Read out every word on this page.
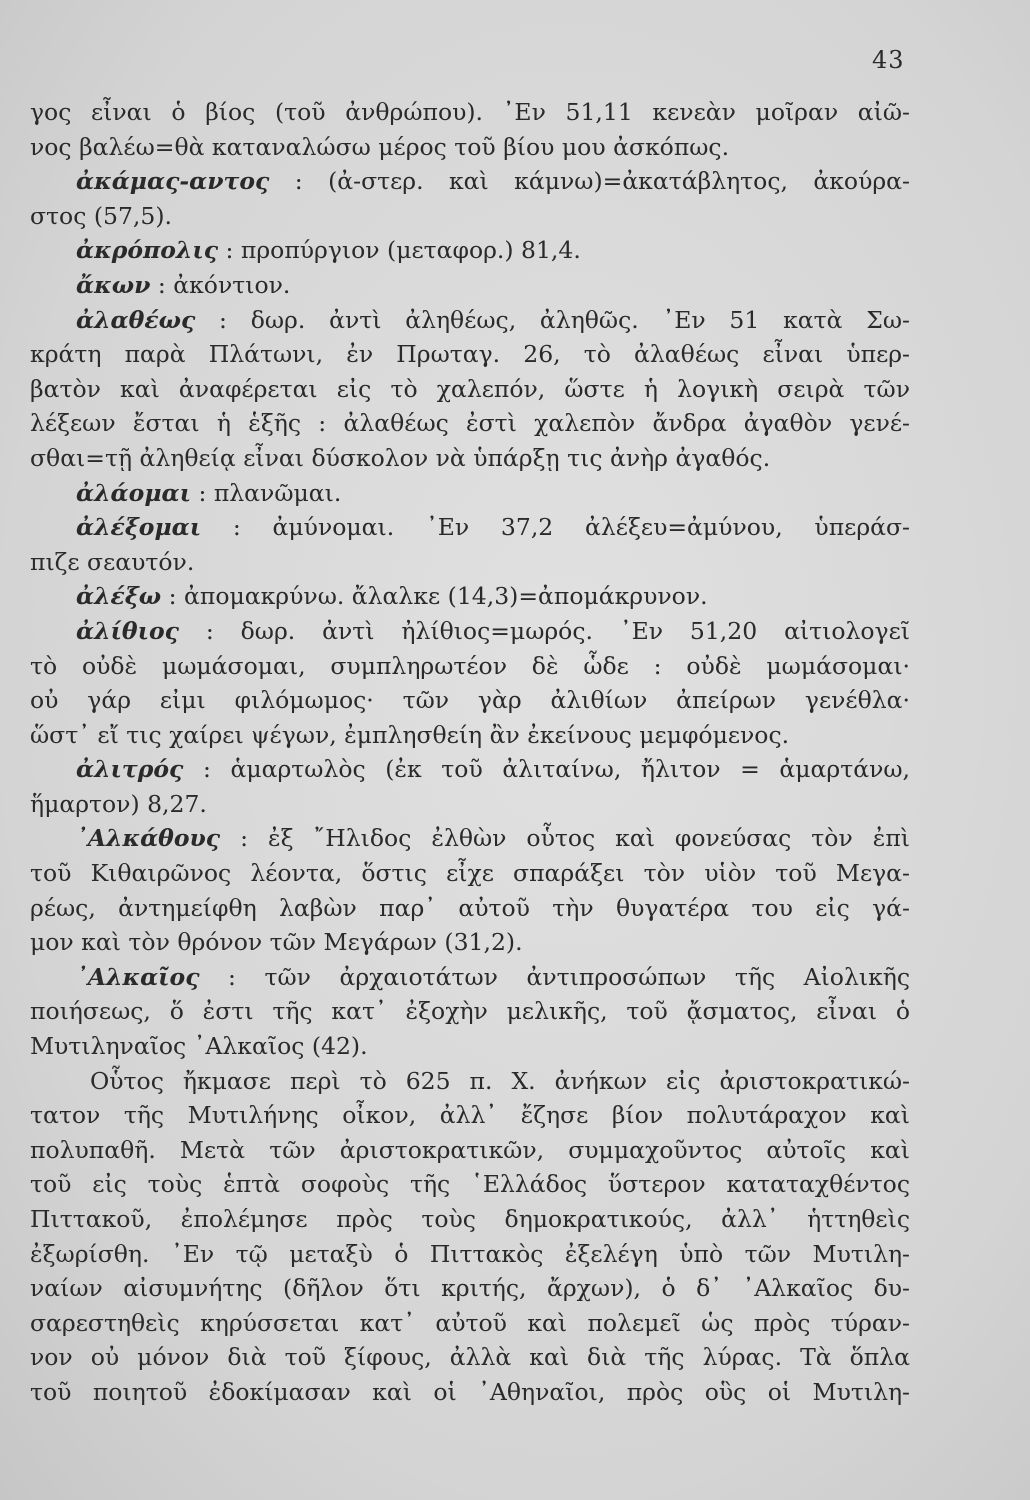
43
γος εἶναι ὁ βίος (τοῦ ἀνθρώπου). ᾽Εν 51,11 κενεὰν μοῖραν αἰῶ-
νος βαλέω=θὰ καταναλώσω μέρος τοῦ βίου μου ἀσκόπως.
ἀκάμας-αντος : (ἀ-στερ. καὶ κάμνω)=ἀκατάβλητος, ἀκούρα-
στος (57,5).
ἀκρόπολις : προπύργιον (μεταφορ.) 81,4.
ἄκων : ἀκόντιον.
ἀλαθέως : δωρ. ἀντὶ ἀληθέως, ἀληθῶς. ᾽Εν 51 κατὰ Σω-
κράτη παρὰ Πλάτωνι, ἐν Πρωταγ. 26, τὸ ἀλαθέως εἶναι ὑπερ-
βατὸν καὶ ἀναφέρεται εἰς τὸ χαλεπόν, ὥστε ἡ λογικὴ σειρὰ τῶν
λέξεων ἔσται ἡ ἑξῆς : ἀλαθέως ἐστὶ χαλεπὸν ἄνδρα ἀγαθὸν γενέ-
σθαι=τῇ ἀληθείᾳ εἶναι δύσκολον νὰ ὑπάρξῃ τις ἀνὴρ ἀγαθός.
ἀλάομαι : πλανῶμαι.
ἀλέξομαι : ἀμύνομαι. ᾽Εν 37,2 ἀλέξευ=ἀμύνου, ὑπεράσ-
πιζε σεαυτόν.
ἀλέξω : ἀπομακρύνω. ἄλαλκε (14,3)=ἀπομάκρυνον.
ἀλίθιος : δωρ. ἀντὶ ἠλίθιος=μωρός. ᾽Εν 51,20 αἰτιολογεῖ
τὸ οὐδὲ μωμάσομαι, συμπληρωτέον δὲ ὧδε : οὐδὲ μωμάσομαι·
οὐ γάρ εἰμι φιλόμωμος· τῶν γὰρ ἀλιθίων ἀπείρων γενέθλα·
ὥστ᾽ εἴ τις χαίρει ψέγων, ἐμπλησθείη ἂν ἐκείνους μεμφόμενος.
ἀλιτρός : ἁμαρτωλὸς (ἐκ τοῦ ἀλιταίνω, ἤλιτον = ἁμαρτάνω,
ἥμαρτον) 8,27.
᾽Αλκάθους : ἐξ ῎Ηλιδος ἐλθὼν οὗτος καὶ φονεύσας τὸν ἐπὶ
τοῦ Κιθαιρῶνος λέοντα, ὅστις εἶχε σπαράξει τὸν υἱὸν τοῦ Μεγα-
ρέως, ἀντημείφθη λαβὼν παρ᾽ αὐτοῦ τὴν θυγατέρα του εἰς γά-
μον καὶ τὸν θρόνον τῶν Μεγάρων (31,2).
᾽Αλκαῖος : τῶν ἀρχαιοτάτων ἀντιπροσώπων τῆς Αἰολικῆς
ποιήσεως, ὅ ἐστι τῆς κατ᾽ ἐξοχὴν μελικῆς, τοῦ ᾄσματος, εἶναι ὁ
Μυτιληναῖος ᾽Αλκαῖος (42).
Οὗτος ἤκμασε περὶ τὸ 625 π. Χ. ἀνήκων εἰς ἀριστοκρατικώ-
τατον τῆς Μυτιλήνης οἶκον, ἀλλ᾽ ἔζησε βίον πολυτάραχον καὶ
πολυπαθῆ. Μετὰ τῶν ἀριστοκρατικῶν, συμμαχοῦντος αὐτοῖς καὶ
τοῦ εἰς τοὺς ἑπτὰ σοφοὺς τῆς ῾Ελλάδος ὕστερον καταταχθέντος
Πιττακοῦ, ἐπολέμησε πρὸς τοὺς δημοκρατικούς, ἀλλ᾽ ἡττηθεὶς
ἐξωρίσθη. ᾽Εν τῷ μεταξὺ ὁ Πιττακὸς ἐξελέγη ὑπὸ τῶν Μυτιλη-
ναίων αἰσυμνήτης (δῆλον ὅτι κριτής, ἄρχων), ὁ δ᾽ ᾽Αλκαῖος δυ-
σαρεστηθεὶς κηρύσσεται κατ᾽ αὐτοῦ καὶ πολεμεῖ ὡς πρὸς τύραν-
νον οὐ μόνον διὰ τοῦ ξίφους, ἀλλὰ καὶ διὰ τῆς λύρας. Τὰ ὅπλα
τοῦ ποιητοῦ ἐδοκίμασαν καὶ οἱ ᾽Αθηναῖοι, πρὸς οὓς οἱ Μυτιλη-
